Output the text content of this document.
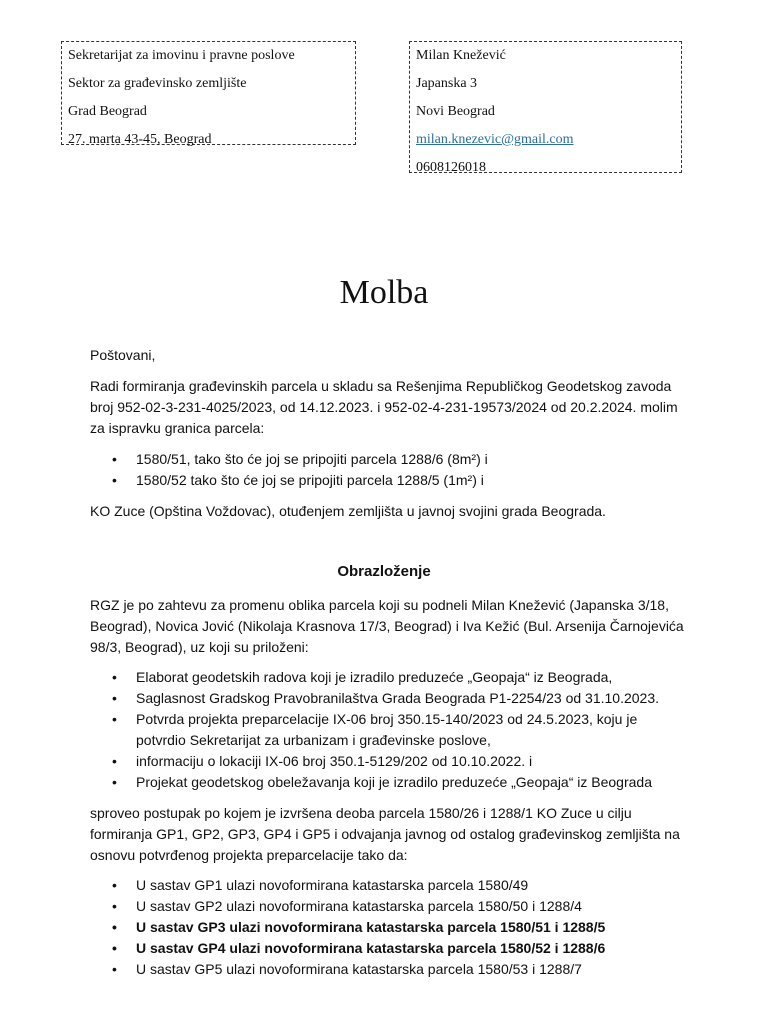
Sekretarijat za imovinu i pravne poslove
Sektor za građevinsko zemljište
Grad Beograd
27. marta 43-45, Beograd
Milan Knežević
Japanska 3
Novi Beograd
milan.knezevic@gmail.com
0608126018
Molba

Poštovani,

Radi formiranja građevinskih parcela u skladu sa Rešenjima Republičkog Geodetskog zavoda broj 952-02-3-231-4025/2023, od 14.12.2023. i 952-02-4-231-19573/2024 od 20.2.2024. molim za ispravku granica parcela:

• 1580/51, tako što će joj se pripojiti parcela 1288/6 (8m²) i
• 1580/52 tako što će joj se pripojiti parcela 1288/5 (1m²) i

KO Zuce (Opština Voždovac), otuđenjem zemljišta u javnoj svojini grada Beograda.

Obrazloženje

RGZ je po zahtevu za promenu oblika parcela koji su podneli Milan Knežević (Japanska 3/18, Beograd), Novica Jović (Nikolaja Krasnova 17/3, Beograd) i Iva Kežić (Bul. Arsenija Čarnojevića 98/3, Beograd), uz koji su priloženi:

• Elaborat geodetskih radova koji je izradilo preduzeće „Geopaja“ iz Beograda,
• Saglasnost Gradskog Pravobranilaštva Grada Beograda P1-2254/23 od 31.10.2023.
• Potvrda projekta preparcelacije IX-06 broj 350.15-140/2023 od 24.5.2023, koju je potvrdio Sekretarijat za urbanizam i građevinske poslove,
• informaciju o lokaciji IX-06 broj 350.1-5129/202 od 10.10.2022. i
• Projekat geodetskog obeležavanja koji je izradilo preduzeće „Geopaja“ iz Beograda

sproveo postupak po kojem je izvršena deoba parcela 1580/26 i 1288/1 KO Zuce u cilju formiranja GP1, GP2, GP3, GP4 i GP5 i odvajanja javnog od ostalog građevinskog zemljišta na osnovu potvrđenog projekta preparcelacije tako da:

• U sastav GP1 ulazi novoformirana katastarska parcela 1580/49
• U sastav GP2 ulazi novoformirana katastarska parcela 1580/50 i 1288/4
• U sastav GP3 ulazi novoformirana katastarska parcela 1580/51 i 1288/5
• U sastav GP4 ulazi novoformirana katastarska parcela 1580/52 i 1288/6
• U sastav GP5 ulazi novoformirana katastarska parcela 1580/53 i 1288/7
